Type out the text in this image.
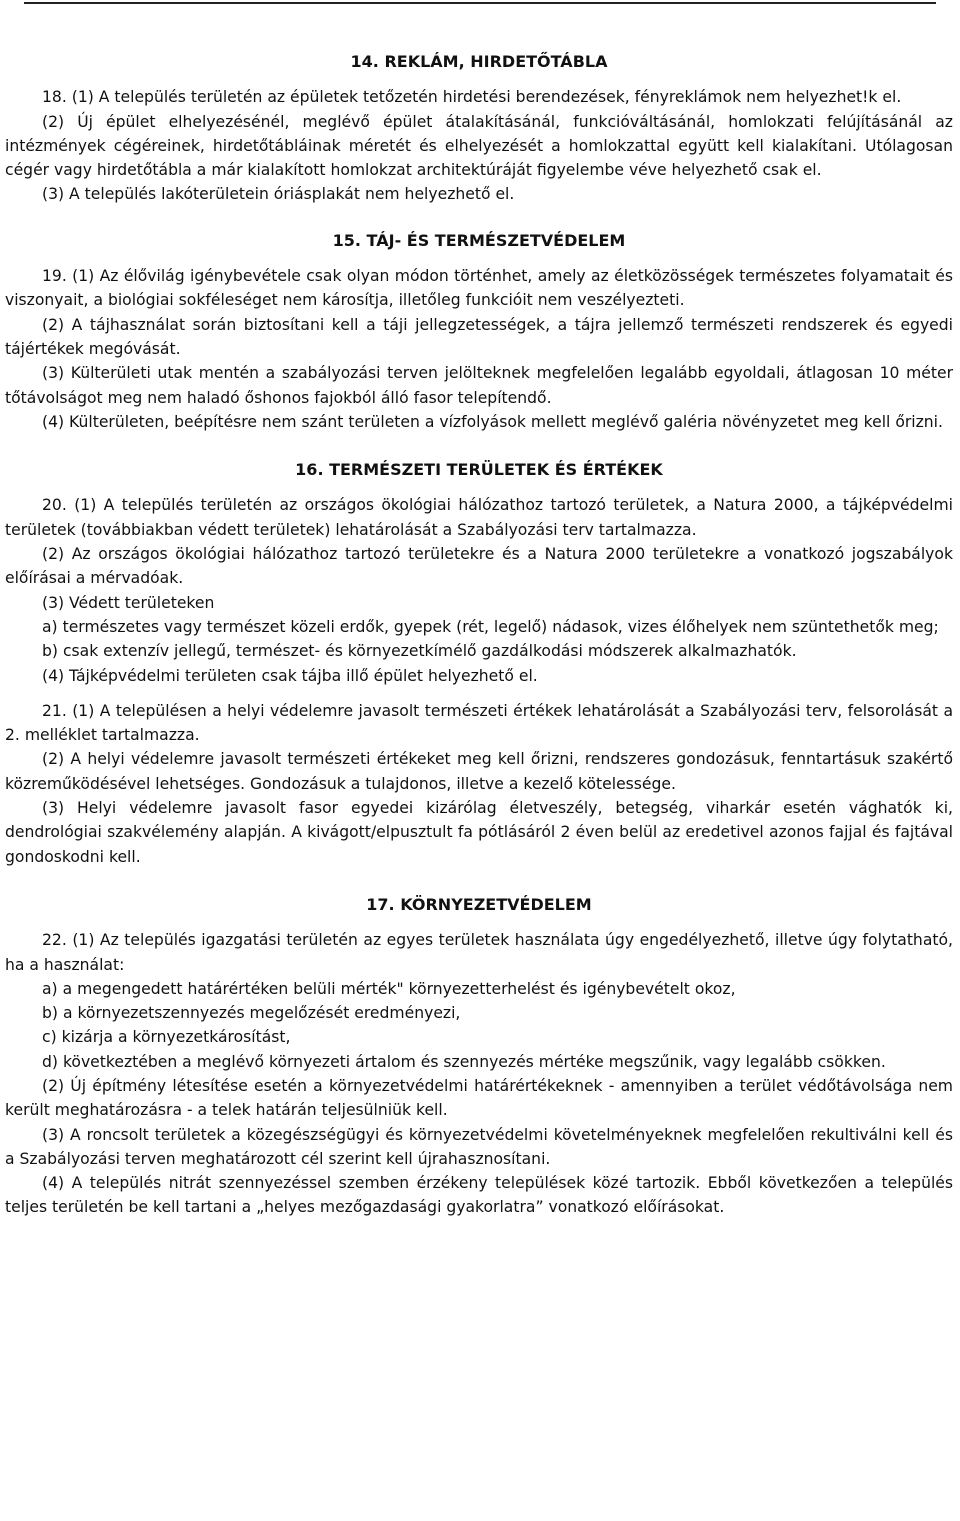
14. REKLÁM, HIRDETŐTÁBLA

18. (1) A település területén az épületek tetőzetén hirdetési berendezések, fényreklámok nem helyezhet!k el.

(2) Új épület elhelyezésénél, meglévő épület átalakításánál, funkcióváltásánál, homlokzati felújításánál az intézmények cégéreinek, hirdetőtábláinak méretét és elhelyezését a homlokzattal együtt kell kialakítani. Utólagosan cégér vagy hirdetőtábla a már kialakított homlokzat architektúráját figyelembe véve helyezhető csak el.

(3) A település lakóterületein óriásplakát nem helyezhető el.

15. TÁJ- ÉS TERMÉSZETVÉDELEM

19. (1) Az élővilág igénybevétele csak olyan módon történhet, amely az életközösségek természetes folyamatait és viszonyait, a biológiai sokféleséget nem károsítja, illetőleg funkcióit nem veszélyezteti.

(2) A tájhasználat során biztosítani kell a táji jellegzetességek, a tájra jellemző természeti rendszerek és egyedi tájértékek megóvását.

(3) Külterületi utak mentén a szabályozási terven jelölteknek megfelelően legalább egyoldali, átlagosan 10 méter tőtávolságot meg nem haladó őshonos fajokból álló fasor telepítendő.

(4) Külterületen, beépítésre nem szánt területen a vízfolyások mellett meglévő galéria növényzetet meg kell őrizni.

16. TERMÉSZETI TERÜLETEK ÉS ÉRTÉKEK

20. (1) A település területén az országos ökológiai hálózathoz tartozó területek, a Natura 2000, a tájképvédelmi területek (továbbiakban védett területek) lehatárolását a Szabályozási terv tartalmazza.

(2) Az országos ökológiai hálózathoz tartozó területekre és a Natura 2000 területekre a vonatkozó jogszabályok előírásai a mérvadóak.

(3) Védett területeken

a) természetes vagy természet közeli erdők, gyepek (rét, legelő) nádasok, vizes élőhelyek nem szüntethetők meg;

b) csak extenzív jellegű, természet- és környezetkímélő gazdálkodási módszerek alkalmazhatók.

(4) Tájképvédelmi területen csak tájba illő épület helyezhető el.

21. (1) A településen a helyi védelemre javasolt természeti értékek lehatárolását a Szabályozási terv, felsorolását a 2. melléklet tartalmazza.

(2) A helyi védelemre javasolt természeti értékeket meg kell őrizni, rendszeres gondozásuk, fenntartásuk szakértő közreműködésével lehetséges. Gondozásuk a tulajdonos, illetve a kezelő kötelessége.

(3) Helyi védelemre javasolt fasor egyedei kizárólag életveszély, betegség, viharkár esetén vághatók ki, dendrológiai szakvélemény alapján. A kivágott/elpusztult fa pótlásáról 2 éven belül az eredetivel azonos fajjal és fajtával gondoskodni kell.

17. KÖRNYEZETVÉDELEM

22. (1) Az település igazgatási területén az egyes területek használata úgy engedélyezhető, illetve úgy folytatható, ha a használat:

a) a megengedett határértéken belüli mérték" környezetterhelést és igénybevételt okoz,

b) a környezetszennyezés megelőzését eredményezi,

c) kizárja a környezetkárosítást,

d) következtében a meglévő környezeti ártalom és szennyezés mértéke megszűnik, vagy legalább csökken.

(2) Új építmény létesítése esetén a környezetvédelmi határértékeknek - amennyiben a terület védőtávolsága nem került meghatározásra - a telek határán teljesülniük kell.

(3) A roncsolt területek a közegészségügyi és környezetvédelmi követelményeknek megfelelően rekultiválni kell és a Szabályozási terven meghatározott cél szerint kell újrahasznosítani.

(4) A település nitrát szennyezéssel szemben érzékeny települések közé tartozik. Ebből következően a település teljes területén be kell tartani a „helyes mezőgazdasági gyakorlatra” vonatkozó előírásokat.
